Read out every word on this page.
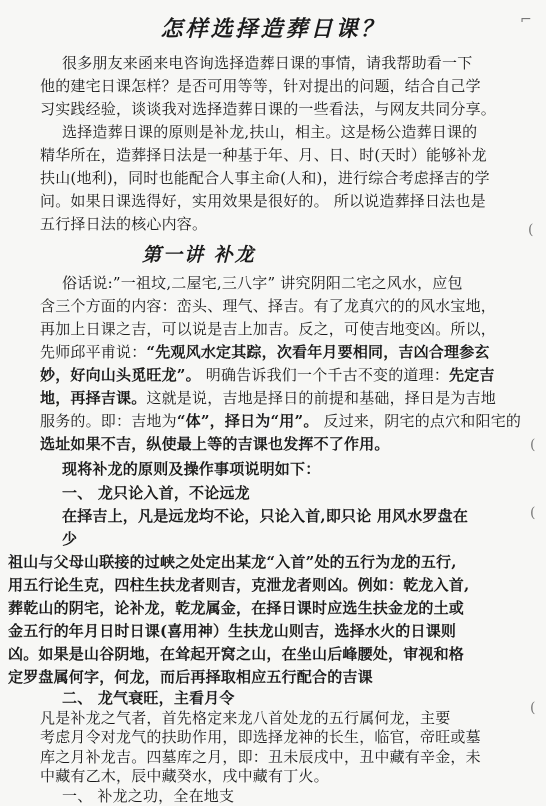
怎样选择造葬日课？

很多朋友来函来电咨询选择造葬日课的事情，请我帮助看一下

他的建宅日课怎样？是否可用等等，针对提出的问题，结合自己学

习实践经验，谈谈我对选择造葬日课的一些看法，与网友共同分享。

选择造葬日课的原则是补龙,扶山，相主。这是杨公造葬日课的

精华所在，造葬择日法是一种基于年、月、日、时(天时）能够补龙

扶山(地利)，同时也能配合人事主命(人和)，进行综合考虑择吉的学

问。如果日课选得好，实用效果是很好的。 所以说造葬择日法也是

五行择日法的核心内容。

第一讲 补龙

俗话说:”一祖坟,二屋宅,三八字” 讲究阴阳二宅之风水，应包

含三个方面的内容：峦头、理气、择吉。有了龙真穴的的风水宝地，

再加上日课之吉，可以说是吉上加吉。反之，可使吉地变凶。所以，

先师邱平甫说：“先观风水定其踪，次看年月要相同，吉凶合理参玄

妙，好向山头觅旺龙”。 明确告诉我们一个千古不变的道理：先定吉

地，再择吉课。这就是说，吉地是择日的前提和基础，择日是为吉地

服务的。即：吉地为“体”，择日为“用”。 反过来，阴宅的点穴和阳宅的

选址如果不吉，纵使最上等的吉课也发挥不了作用。

现将补龙的原则及操作事项说明如下：

一、 龙只论入首，不论远龙

在择吉上，凡是远龙均不论，只论入首,即只论 用风水罗盘在

少

祖山与父母山联接的过峡之处定出某龙“入首”处的五行为龙的五行,

用五行论生克，四柱生扶龙者则吉，克泄龙者则凶。例如：乾龙入首,

葬乾山的阴宅，论补龙，乾龙属金，在择日课时应选生扶金龙的土或

金五行的年月日时日课(喜用神）生扶龙山则吉，选择水火的日课则

凶。如果是山谷阴地，在耸起开窝之山，在坐山后峰腰处，审视和格

定罗盘属何字，何龙，而后再择取相应五行配合的吉课

二、 龙气衰旺，主看月令

凡是补龙之气者，首先格定来龙八首处龙的五行属何龙，主要

考虑月令对龙气的扶助作用，即选择龙神的长生，临官，帝旺或墓

库之月补龙吉。四墓库之月，即：丑未辰戌中，丑中藏有辛金，未

中藏有乙木，辰中藏癸水，戌中藏有丁火。

一、 补龙之功，全在地支

⌐
(
(
(
(
